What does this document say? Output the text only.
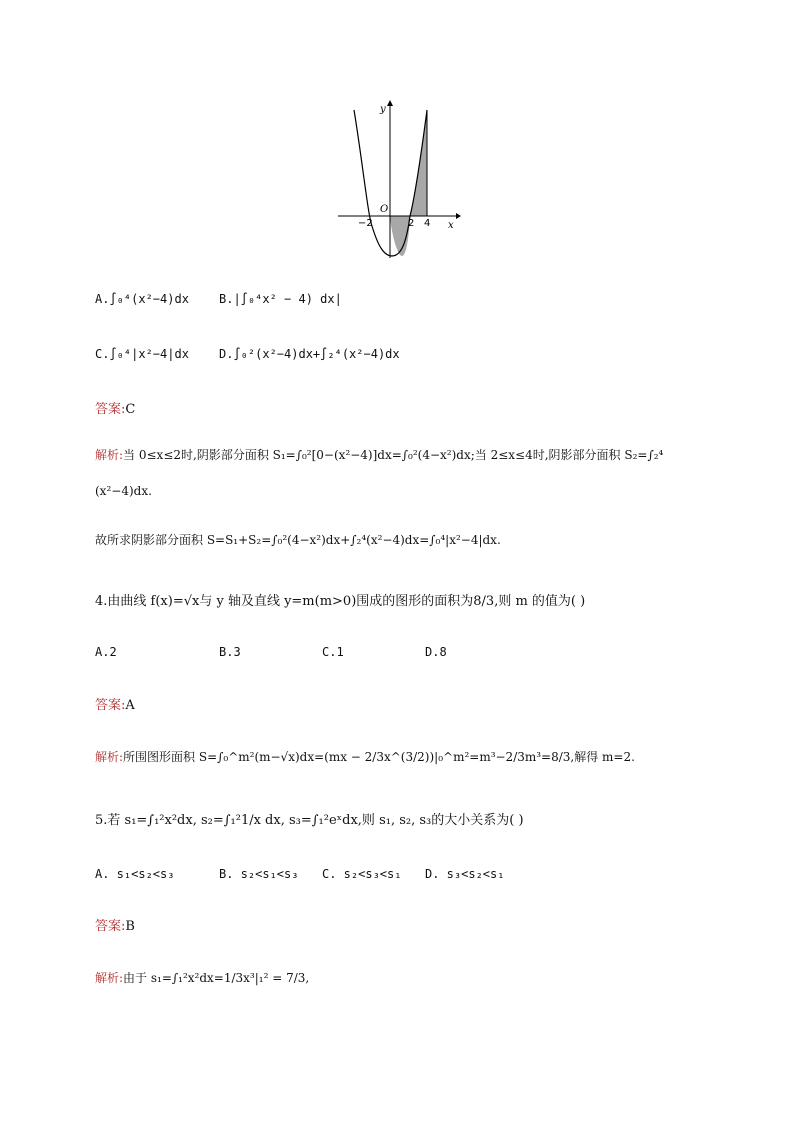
y
x
O
−2	2 4
A.∫₀⁴(x²−4)dx	B.|∫₀⁴x² − 4) dx|
C.∫₀⁴|x²−4|dx	D.∫₀²(x²−4)dx+∫₂⁴(x²−4)dx
答案:C
解析:当 0≤x≤2时,阴影部分面积 S₁=∫₀²[0−(x²−4)]dx=∫₀²(4−x²)dx;当 2≤x≤4时,阴影部分面积 S₂=∫₂⁴
(x²−4)dx.
故所求阴影部分面积 S=S₁+S₂=∫₀²(4−x²)dx+∫₂⁴(x²−4)dx=∫₀⁴|x²−4|dx.
4.由曲线 f(x)=√x与 y 轴及直线 y=m(m>0)围成的图形的面积为8/3,则 m 的值为( )
A.2	B.3	C.1	D.8
答案:A
解析:所围图形面积 S=∫₀^m²(m−√x)dx=(mx − 2/3x^(3/2))|₀^m²=m³−2/3m³=8/3,解得 m=2.
5.若 s₁=∫₁²x²dx, s₂=∫₁²1/x dx, s₃=∫₁²eˣdx,则 s₁, s₂, s₃的大小关系为( )
A. s₁<s₂<s₃	B. s₂<s₁<s₃ C. s₂<s₃<s₁ D. s₃<s₂<s₁
答案:B
解析:由于 s₁=∫₁²x²dx=1/3x³|₁² = 7/3,
